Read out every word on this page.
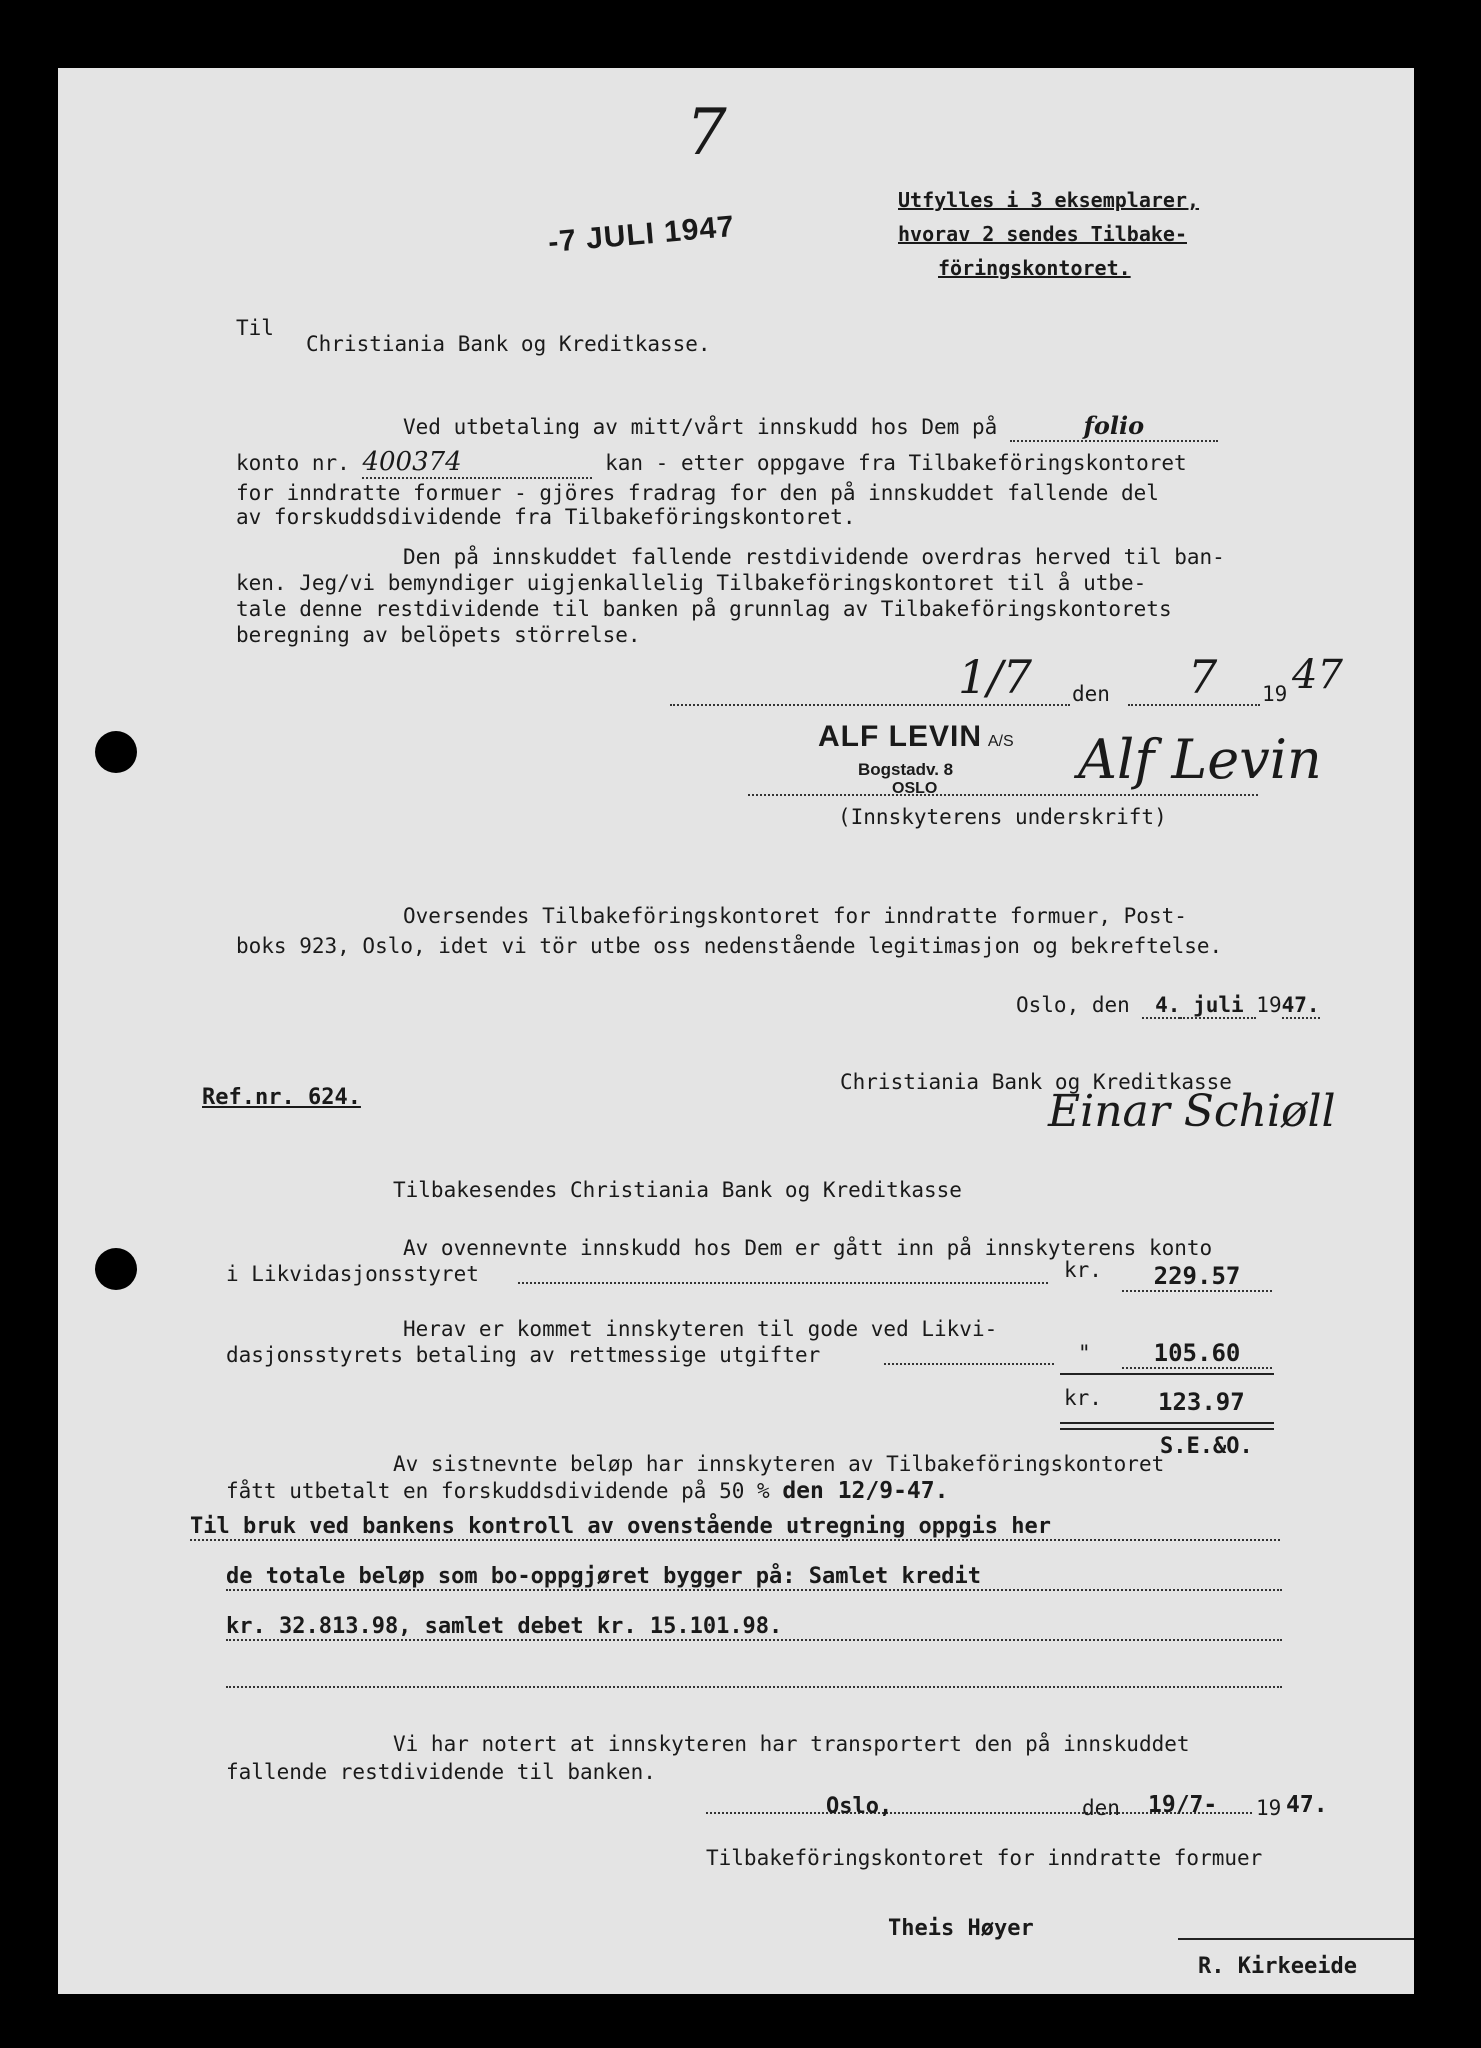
7
-7 JULI 1947
Utfylles i 3 eksemplarer,
hvorav 2 sendes Tilbake-
föringskontoret.
Til
Christiania Bank og Kreditkasse.
Ved utbetaling av mitt/vårt innskudd hos Dem på	folio
konto nr. 400374	kan - etter oppgave fra Tilbakeföringskontoret
for inndratte formuer - gjöres fradrag for den på innskuddet fallende del
av forskuddsdividende fra Tilbakeföringskontoret.
Den på innskuddet fallende restdividende overdras herved til ban-
ken. Jeg/vi bemyndiger uigjenkallelig Tilbakeföringskontoret til å utbe-
tale denne restdividende til banken på grunnlag av Tilbakeföringskontorets
beregning av belöpets störrelse.
1/7 den 7 19 47
ALF LEVIN A/S
Bogstadv. 8
OSLO	Alf Levin
(Innskyterens underskrift)
Oversendes Tilbakeföringskontoret for inndratte formuer, Post-
boks 923, Oslo, idet vi tör utbe oss nedenstående legitimasjon og bekreftelse.
Oslo, den 4. juli 1947.
Ref.nr. 624.
Christiania Bank og Kreditkasse
Einar Schiøll
Tilbakesendes Christiania Bank og Kreditkasse
Av ovennevnte innskudd hos Dem er gått inn på innskyterens konto
i Likvidasjonsstyret	kr.	229.57
Herav er kommet innskyteren til gode ved Likvi-
dasjonsstyrets betaling av rettmessige utgifter	"	105.60
kr. 123.97
S.E.&O.
Av sistnevnte beløp har innskyteren av Tilbakeföringskontoret
fått utbetalt en forskuddsdividende på 50 % den 12/9-47.
Til bruk ved bankens kontroll av ovenstående utregning oppgis her
de totale beløp som bo-oppgjøret bygger på: Samlet kredit
kr. 32.813.98, samlet debet kr. 15.101.98.
Vi har notert at innskyteren har transportert den på innskuddet
fallende restdividende til banken.
Oslo,	den 19/7- 19 47.
Tilbakeföringskontoret for inndratte formuer
Theis Høyer
R. Kirkeeide
